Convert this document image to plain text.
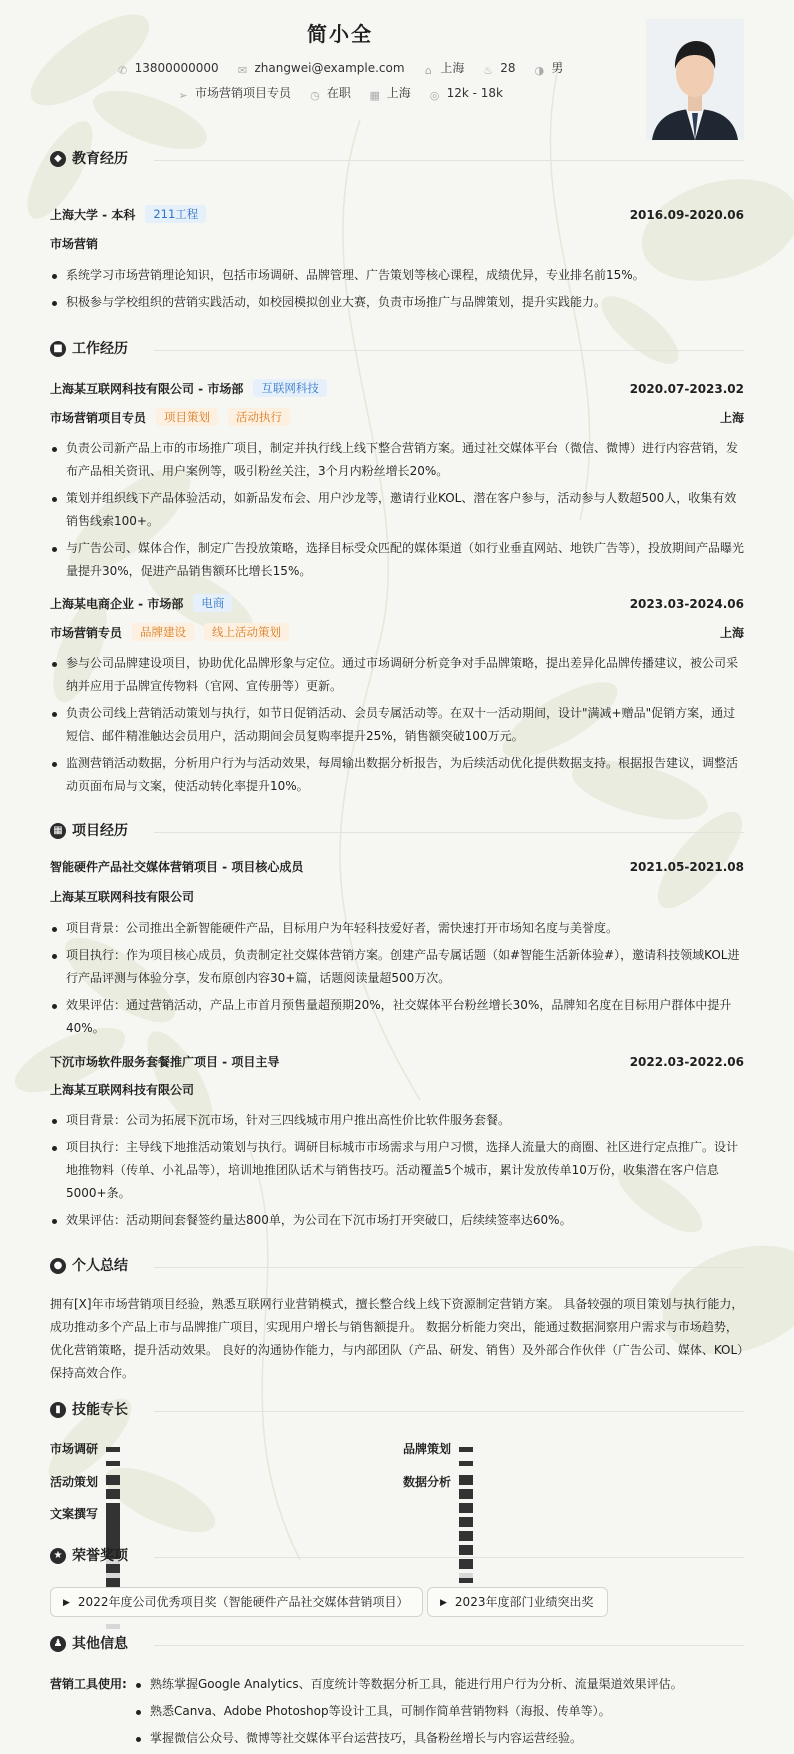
简小全
✆ 13800000000 ✉ zhangwei@example.com ⌂ 上海 ♨ 28 ◑ 男
➢ 市场营销项目专员 ◷ 在职 ▦ 上海 ◎ 12k - 18k
◆ 教育经历
上海大学 - 本科 211工程	2016.09-2020.06
市场营销
系统学习市场营销理论知识，包括市场调研、品牌管理、广告策划等核心课程，成绩优异，专业排名前15%。
积极参与学校组织的营销实践活动，如校园模拟创业大赛，负责市场推广与品牌策划，提升实践能力。
■ 工作经历
上海某互联网科技有限公司 - 市场部 互联网科技	2020.07-2023.02
市场营销项目专员 项目策划 活动执行	上海
负责公司新产品上市的市场推广项目，制定并执行线上线下整合营销方案。通过社交媒体平台（微信、微博）进行内容营销，发布产品相关资讯、用户案例等，吸引粉丝关注，3个月内粉丝增长20%。
策划并组织线下产品体验活动，如新品发布会、用户沙龙等，邀请行业KOL、潜在客户参与，活动参与人数超500人，收集有效销售线索100+。
与广告公司、媒体合作，制定广告投放策略，选择目标受众匹配的媒体渠道（如行业垂直网站、地铁广告等），投放期间产品曝光量提升30%，促进产品销售额环比增长15%。
上海某电商企业 - 市场部 电商	2023.03-2024.06
市场营销专员 品牌建设 线上活动策划	上海
参与公司品牌建设项目，协助优化品牌形象与定位。通过市场调研分析竞争对手品牌策略，提出差异化品牌传播建议，被公司采纳并应用于品牌宣传物料（官网、宣传册等）更新。
负责公司线上营销活动策划与执行，如节日促销活动、会员专属活动等。在双十一活动期间，设计"满减+赠品"促销方案，通过短信、邮件精准触达会员用户，活动期间会员复购率提升25%，销售额突破100万元。
监测营销活动数据，分析用户行为与活动效果，每周输出数据分析报告，为后续活动优化提供数据支持。根据报告建议，调整活动页面布局与文案，使活动转化率提升10%。
▦ 项目经历
智能硬件产品社交媒体营销项目 - 项目核心成员	2021.05-2021.08
上海某互联网科技有限公司
项目背景：公司推出全新智能硬件产品，目标用户为年轻科技爱好者，需快速打开市场知名度与美誉度。
项目执行：作为项目核心成员，负责制定社交媒体营销方案。创建产品专属话题（如#智能生活新体验#），邀请科技领域KOL进行产品评测与体验分享，发布原创内容30+篇，话题阅读量超500万次。
效果评估：通过营销活动，产品上市首月预售量超预期20%，社交媒体平台粉丝增长30%，品牌知名度在目标用户群体中提升40%。
下沉市场软件服务套餐推广项目 - 项目主导	2022.03-2022.06
上海某互联网科技有限公司
项目背景：公司为拓展下沉市场，针对三四线城市用户推出高性价比软件服务套餐。
项目执行：主导线下地推活动策划与执行。调研目标城市市场需求与用户习惯，选择人流量大的商圈、社区进行定点推广。设计地推物料（传单、小礼品等），培训地推团队话术与销售技巧。活动覆盖5个城市，累计发放传单10万份，收集潜在客户信息5000+条。
效果评估：活动期间套餐签约量达800单，为公司在下沉市场打开突破口，后续续签率达60%。
● 个人总结
拥有[X]年市场营销项目经验，熟悉互联网行业营销模式，擅长整合线上线下资源制定营销方案。 具备较强的项目策划与执行能力，成功推动多个产品上市与品牌推广项目，实现用户增长与销售额提升。 数据分析能力突出，能通过数据洞察用户需求与市场趋势，优化营销策略，提升活动效果。 良好的沟通协作能力，与内部团队（产品、研发、销售）及外部合作伙伴（广告公司、媒体、KOL）保持高效合作。
▮ 技能专长
市场调研	品牌策划
活动策划	数据分析
文案撰写
★ 荣誉奖项
▶ 2022年度公司优秀项目奖（智能硬件产品社交媒体营销项目）	▶ 2023年度部门业绩突出奖
♟ 其他信息
营销工具使用:	熟练掌握Google Analytics、百度统计等数据分析工具，能进行用户行为分析、流量渠道效果评估。
熟悉Canva、Adobe Photoshop等设计工具，可制作简单营销物料（海报、传单等）。
掌握微信公众号、微博等社交媒体平台运营技巧，具备粉丝增长与内容运营经验。
